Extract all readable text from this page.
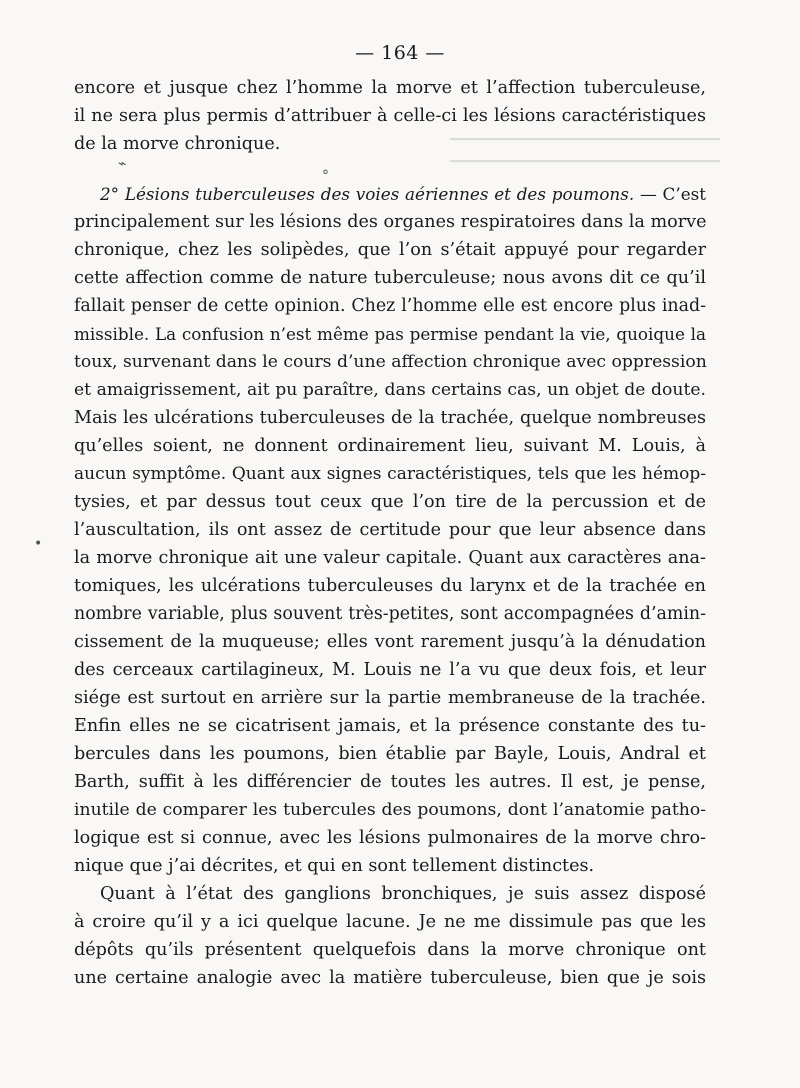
▁▁▁▁▁▁▁▁▁▁▁▁▁▁▁▁▁▁▁▁▁▁▁▁▁▁▁
▁▁▁▁▁▁▁▁▁▁▁▁▁▁▁▁▁▁▁▁▁▁▁▁▁▁▁
⌁
°
•
— 164 —
encore et jusque chez l’homme la morve et l’affection tuberculeuse,
il ne sera plus permis d’attribuer à celle-ci les lésions caractéristiques
de la morve chronique.
2° Lésions tuberculeuses des voies aériennes et des poumons. — C’est
principalement sur les lésions des organes respiratoires dans la morve
chronique, chez les solipèdes, que l’on s’était appuyé pour regarder
cette affection comme de nature tuberculeuse; nous avons dit ce qu’il
fallait penser de cette opinion. Chez l’homme elle est encore plus inad-
missible. La confusion n’est même pas permise pendant la vie, quoique la
toux, survenant dans le cours d’une affection chronique avec oppression
et amaigrissement, ait pu paraître, dans certains cas, un objet de doute.
Mais les ulcérations tuberculeuses de la trachée, quelque nombreuses
qu’elles soient, ne donnent ordinairement lieu, suivant M. Louis, à
aucun symptôme. Quant aux signes caractéristiques, tels que les hémop-
tysies, et par dessus tout ceux que l’on tire de la percussion et de
l’auscultation, ils ont assez de certitude pour que leur absence dans
la morve chronique ait une valeur capitale. Quant aux caractères ana-
tomiques, les ulcérations tuberculeuses du larynx et de la trachée en
nombre variable, plus souvent très-petites, sont accompagnées d’amin-
cissement de la muqueuse; elles vont rarement jusqu’à la dénudation
des cerceaux cartilagineux, M. Louis ne l’a vu que deux fois, et leur
siége est surtout en arrière sur la partie membraneuse de la trachée.
Enfin elles ne se cicatrisent jamais, et la présence constante des tu-
bercules dans les poumons, bien établie par Bayle, Louis, Andral et
Barth, suffit à les différencier de toutes les autres. Il est, je pense,
inutile de comparer les tubercules des poumons, dont l’anatomie patho-
logique est si connue, avec les lésions pulmonaires de la morve chro-
nique que j’ai décrites, et qui en sont tellement distinctes.
Quant à l’état des ganglions bronchiques, je suis assez disposé
à croire qu’il y a ici quelque lacune. Je ne me dissimule pas que les
dépôts qu’ils présentent quelquefois dans la morve chronique ont
une certaine analogie avec la matière tuberculeuse, bien que je sois
